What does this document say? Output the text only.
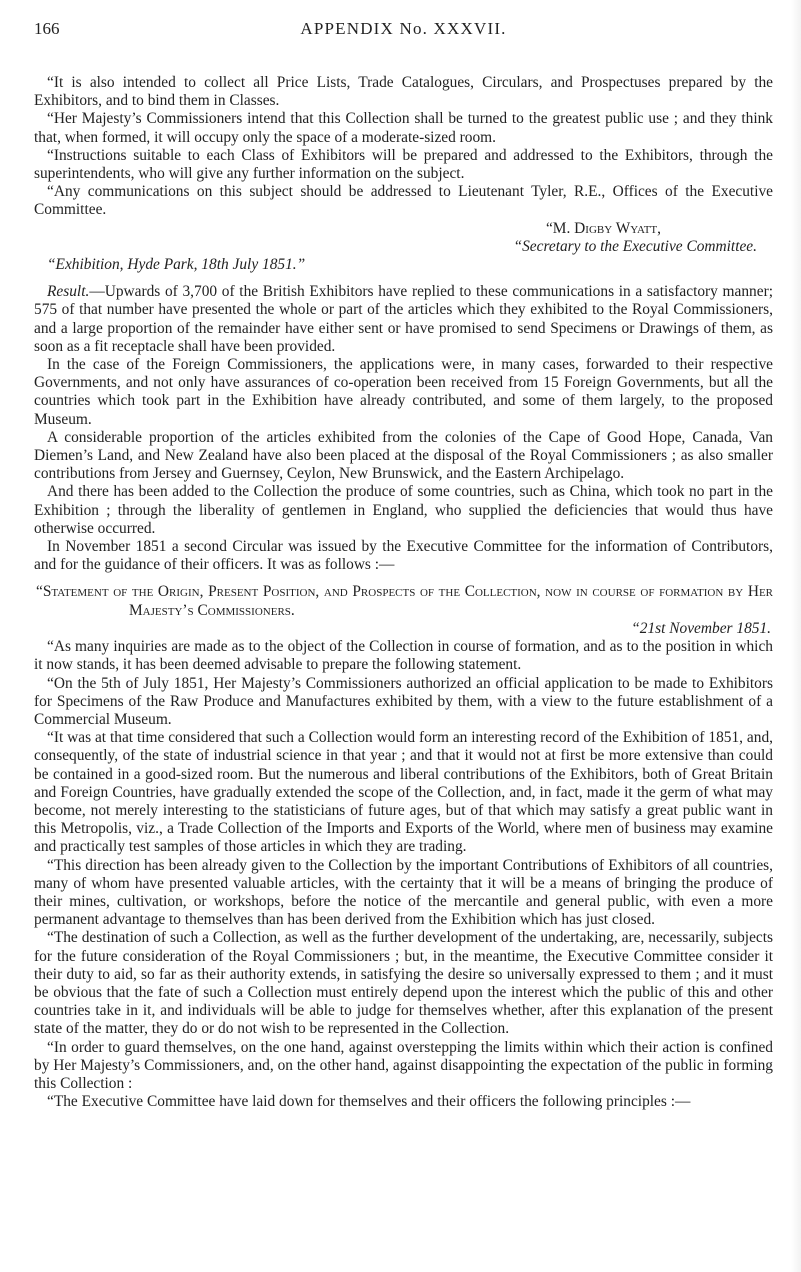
166	APPENDIX No. XXXVII.

“It is also intended to collect all Price Lists, Trade Catalogues, Circulars, and Prospectuses prepared by the Exhibitors, and to bind them in Classes.

“Her Majesty’s Commissioners intend that this Collection shall be turned to the greatest public use ; and they think that, when formed, it will occupy only the space of a moderate-sized room.

“Instructions suitable to each Class of Exhibitors will be prepared and addressed to the Exhibitors, through the superintendents, who will give any further information on the subject.

“Any communications on this subject should be addressed to Lieutenant Tyler, R.E., Offices of the Executive Committee.

“M. Digby Wyatt,

“Secretary to the Executive Committee.

“Exhibition, Hyde Park, 18th July 1851.”

Result.—Upwards of 3,700 of the British Exhibitors have replied to these communications in a satisfactory manner; 575 of that number have presented the whole or part of the articles which they exhibited to the Royal Commissioners, and a large proportion of the remainder have either sent or have promised to send Specimens or Drawings of them, as soon as a fit receptacle shall have been provided.

In the case of the Foreign Commissioners, the applications were, in many cases, forwarded to their respective Governments, and not only have assurances of co-operation been received from 15 Foreign Governments, but all the countries which took part in the Exhibition have already contributed, and some of them largely, to the proposed Museum.

A considerable proportion of the articles exhibited from the colonies of the Cape of Good Hope, Canada, Van Diemen’s Land, and New Zealand have also been placed at the disposal of the Royal Commissioners ; as also smaller contributions from Jersey and Guernsey, Ceylon, New Brunswick, and the Eastern Archipelago.

And there has been added to the Collection the produce of some countries, such as China, which took no part in the Exhibition ; through the liberality of gentlemen in England, who supplied the deficiencies that would thus have otherwise occurred.

In November 1851 a second Circular was issued by the Executive Committee for the information of Contributors, and for the guidance of their officers. It was as follows :—

“Statement of the Origin, Present Position, and Prospects of the Collection, now in course of formation by Her Majesty’s Commissioners.

“21st November 1851.

“As many inquiries are made as to the object of the Collection in course of formation, and as to the position in which it now stands, it has been deemed advisable to prepare the following statement.

“On the 5th of July 1851, Her Majesty’s Commissioners authorized an official application to be made to Exhibitors for Specimens of the Raw Produce and Manufactures exhibited by them, with a view to the future establishment of a Commercial Museum.

“It was at that time considered that such a Collection would form an interesting record of the Exhibition of 1851, and, consequently, of the state of industrial science in that year ; and that it would not at first be more extensive than could be contained in a good-sized room. But the numerous and liberal contributions of the Exhibitors, both of Great Britain and Foreign Countries, have gradually extended the scope of the Collection, and, in fact, made it the germ of what may become, not merely interesting to the statisticians of future ages, but of that which may satisfy a great public want in this Metropolis, viz., a Trade Collection of the Imports and Exports of the World, where men of business may examine and practically test samples of those articles in which they are trading.

“This direction has been already given to the Collection by the important Contributions of Exhibitors of all countries, many of whom have presented valuable articles, with the certainty that it will be a means of bringing the produce of their mines, cultivation, or workshops, before the notice of the mercantile and general public, with even a more permanent advantage to themselves than has been derived from the Exhibition which has just closed.

“The destination of such a Collection, as well as the further development of the undertaking, are, necessarily, subjects for the future consideration of the Royal Commissioners ; but, in the meantime, the Executive Committee consider it their duty to aid, so far as their authority extends, in satisfying the desire so universally expressed to them ; and it must be obvious that the fate of such a Collection must entirely depend upon the interest which the public of this and other countries take in it, and individuals will be able to judge for themselves whether, after this explanation of the present state of the matter, they do or do not wish to be represented in the Collection.

“In order to guard themselves, on the one hand, against overstepping the limits within which their action is confined by Her Majesty’s Commissioners, and, on the other hand, against disappointing the expectation of the public in forming this Collection :

“The Executive Committee have laid down for themselves and their officers the following principles :—
